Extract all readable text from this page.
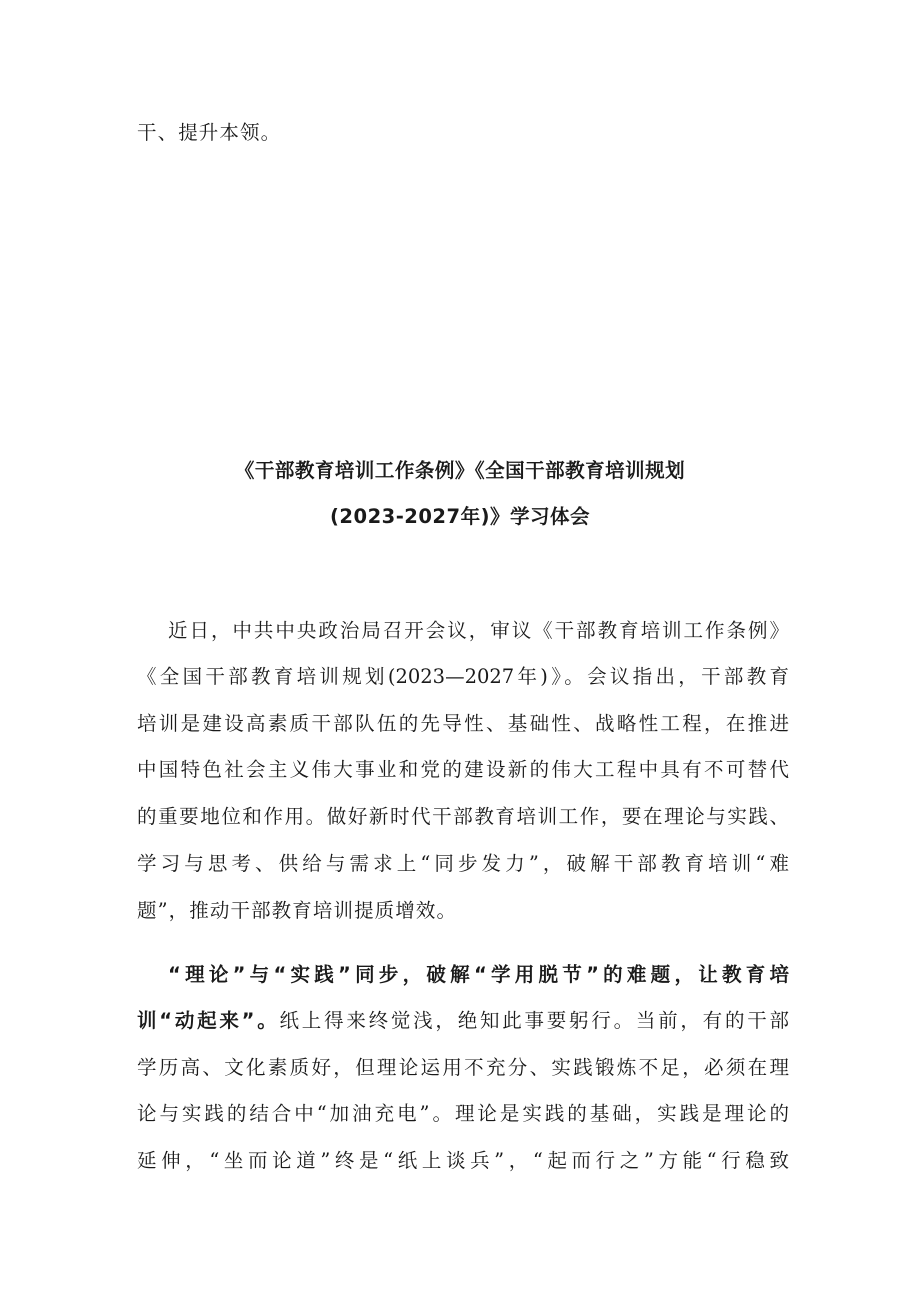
干、提升本领。
《干部教育培训工作条例》《全国干部教育培训规划
(2023-2027年)》学习体会
近日，中共中央政治局召开会议，审议《干部教育培训工作条例》
《全国干部教育培训规划(2023—2027年)》。会议指出，干部教育
培训是建设高素质干部队伍的先导性、基础性、战略性工程，在推进
中国特色社会主义伟大事业和党的建设新的伟大工程中具有不可替代
的重要地位和作用。做好新时代干部教育培训工作，要在理论与实践、
学习与思考、供给与需求上“同步发力”，破解干部教育培训“难
题”，推动干部教育培训提质增效。
“理论”与“实践”同步，破解“学用脱节”的难题，让教育培
训“动起来”。纸上得来终觉浅，绝知此事要躬行。当前，有的干部
学历高、文化素质好，但理论运用不充分、实践锻炼不足，必须在理
论与实践的结合中“加油充电”。理论是实践的基础，实践是理论的
延伸，“坐而论道”终是“纸上谈兵”，“起而行之”方能“行稳致
